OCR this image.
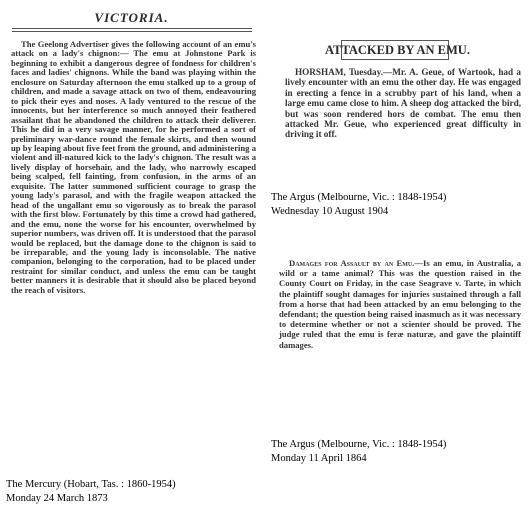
VICTORIA.

The Geelong Advertiser gives the following account of an emu's attack on a lady's chignon:— The emu at Johnstone Park is beginning to exhibit a dangerous degree of fondness for children's faces and ladies' chignons. While the band was playing within the enclosure on Saturday afternoon the emu stalked up to a group of children, and made a savage attack on two of them, endeavouring to pick their eyes and noses. A lady ventured to the rescue of the innocents, but her interference so much annoyed their feathered assailant that he abandoned the children to attack their deliverer. This he did in a very savage manner, for he performed a sort of preliminary war-dance round the female skirts, and then wound up by leaping about five feet from the ground, and administering a violent and ill-natured kick to the lady's chignon. The result was a lively display of horsehair, and the lady, who narrowly escaped being scalped, fell fainting, from confusion, in the arms of an exquisite. The latter summoned sufficient courage to grasp the young lady's parasol, and with the fragile weapon attacked the head of the ungallant emu so vigorously as to break the parasol with the first blow. Fortunately by this time a crowd had gathered, and the emu, none the worse for his encounter, overwhelmed by superior numbers, was driven off. It is understood that the parasol would be replaced, but the damage done to the chignon is said to be irreparable, and the young lady is inconsolable. The native companion, belonging to the corporation, had to be placed under restraint for similar conduct, and unless the emu can be taught better manners it is desirable that it should also be placed beyond the reach of visitors.

The Mercury (Hobart, Tas. : 1860-1954)
Monday 24 March 1873
ATTACKED BY AN EMU.

HORSHAM, Tuesday.—Mr. A. Geue, of Wartook, had a lively encounter with an emu the other day. He was engaged in erecting a fence in a scrubby part of his land, when a large emu came close to him. A sheep dog attacked the bird, but was soon rendered hors de combat. The emu then attacked Mr. Geue, who experienced great difficulty in driving it off.

The Argus (Melbourne, Vic. : 1848-1954)
Wednesday 10 August 1904

Damages for Assault by an Emu.—Is an emu, in Australia, a wild or a tame animal? This was the question raised in the County Court on Friday, in the case Seagrave v. Tarte, in which the plaintiff sought damages for injuries sustained through a fall from a horse that had been attacked by an emu belonging to the defendant; the question being raised inasmuch as it was necessary to determine whether or not a scienter should be proved. The judge ruled that the emu is feræ naturæ, and gave the plaintiff damages.

The Argus (Melbourne, Vic. : 1848-1954)
Monday 11 April 1864
